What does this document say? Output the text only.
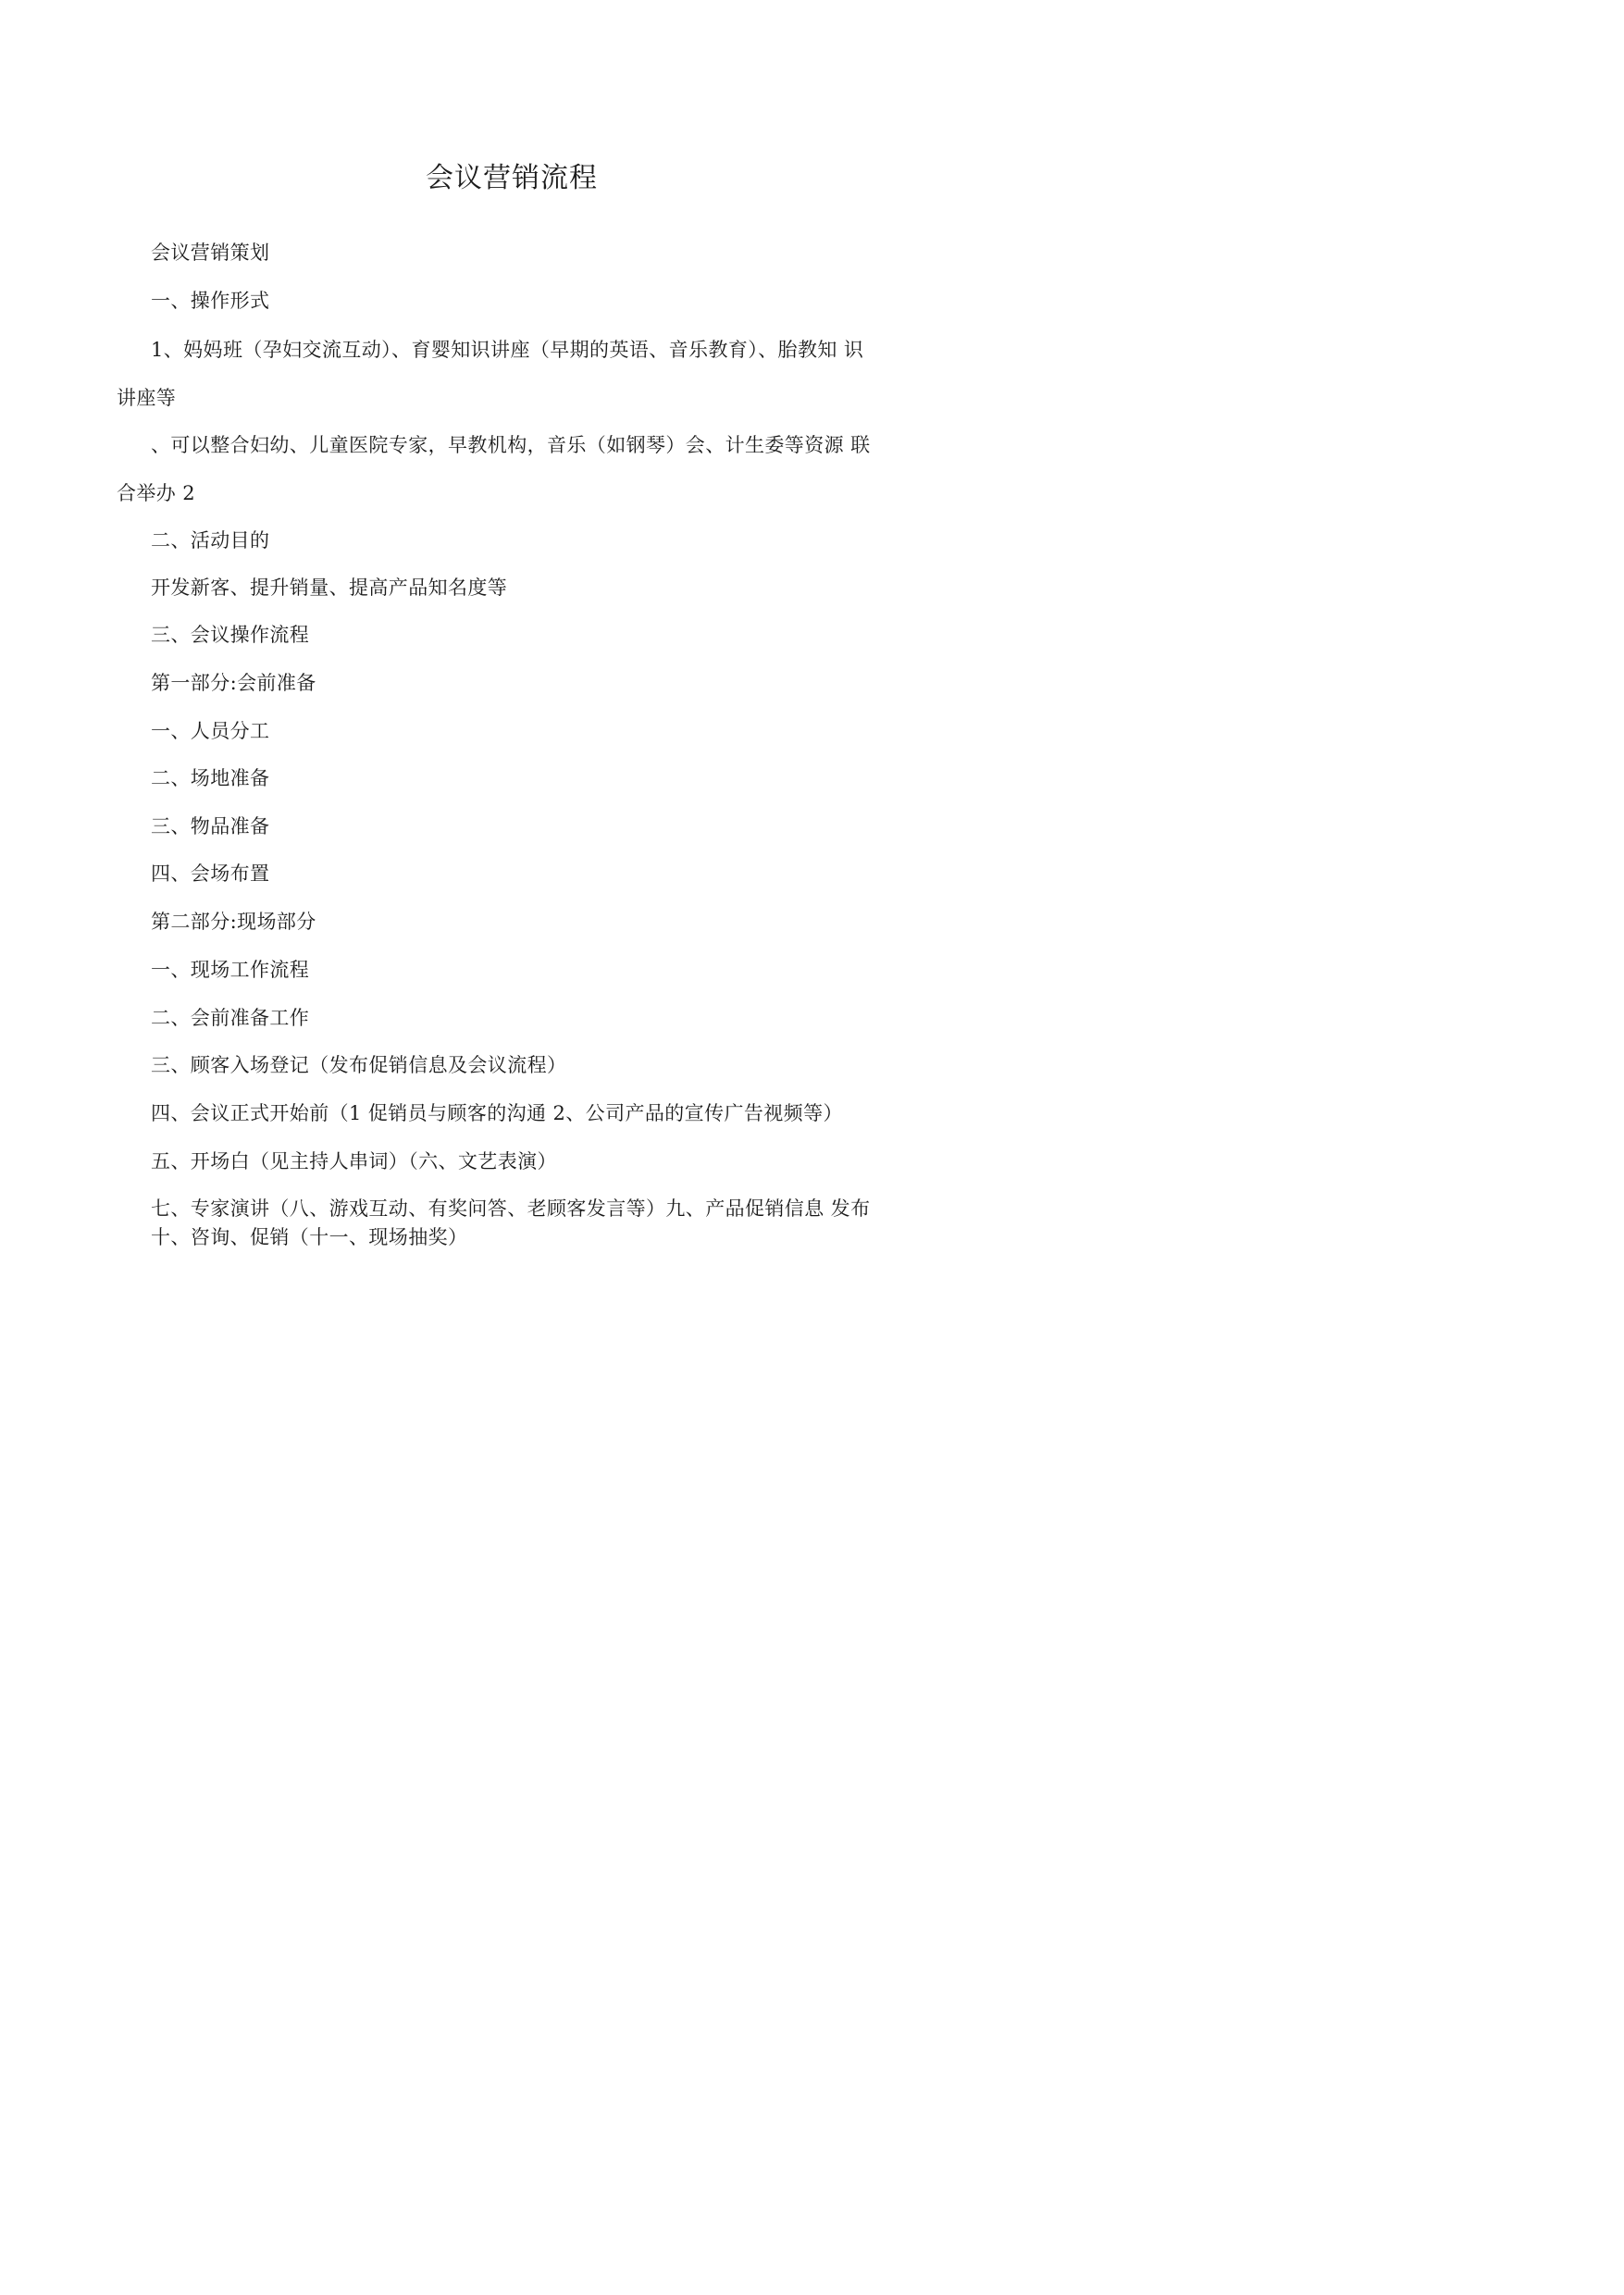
会议营销流程
会议营销策划
一、操作形式
1、妈妈班（孕妇交流互动）、育婴知识讲座（早期的英语、音乐教育）、胎教知 识
讲座等
、可以整合妇幼、儿童医院专家，早教机构，音乐（如钢琴）会、计生委等资源 联
合举办 2
二、活动目的
开发新客、提升销量、提高产品知名度等
三、会议操作流程
第一部分:会前准备
一、人员分工
二、场地准备
三、物品准备
四、会场布置
第二部分:现场部分
一、现场工作流程
二、会前准备工作
三、顾客入场登记（发布促销信息及会议流程）
四、会议正式开始前（1 促销员与顾客的沟通 2、公司产品的宣传广告视频等）
五、开场白（见主持人串词）（六、文艺表演）
七、专家演讲（八、游戏互动、有奖问答、老顾客发言等）九、产品促销信息 发布
十、咨询、促销（十一、现场抽奖）
